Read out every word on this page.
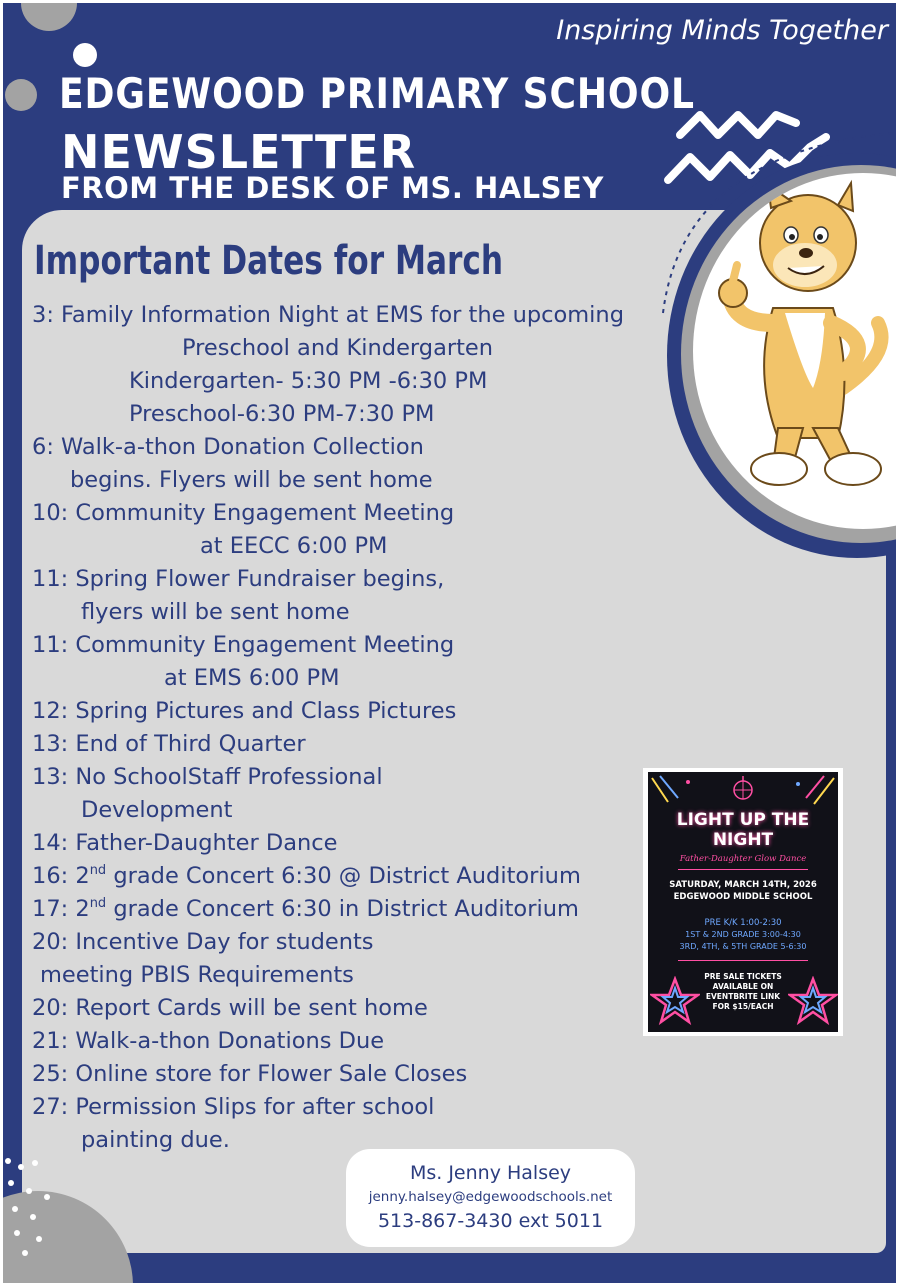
Inspiring Minds Together
EDGEWOOD PRIMARY SCHOOL
NEWSLETTER
FROM THE DESK OF MS. HALSEY
Important Dates for March
3: Family Information Night at EMS for the upcoming
Preschool and Kindergarten
Kindergarten- 5:30 PM -6:30 PM
Preschool-6:30 PM-7:30 PM
6: Walk-a-thon Donation Collection
begins. Flyers will be sent home
10: Community Engagement Meeting
at EECC 6:00 PM
11: Spring Flower Fundraiser begins,
flyers will be sent home
11: Community Engagement Meeting
at EMS 6:00 PM
12: Spring Pictures and Class Pictures
13: End of Third Quarter
13: No SchoolStaff Professional
Development
14: Father-Daughter Dance
16: 2nd grade Concert 6:30 @ District Auditorium
17: 2nd grade Concert 6:30 in District Auditorium
20: Incentive Day for students
meeting PBIS Requirements
20: Report Cards will be sent home
21: Walk-a-thon Donations Due
25: Online store for Flower Sale Closes
27: Permission Slips for after school
painting due.
LIGHT UP THE
NIGHT
Father-Daughter Glow Dance
SATURDAY, MARCH 14TH, 2026
EDGEWOOD MIDDLE SCHOOL
PRE K/K 1:00-2:30
1ST & 2ND GRADE 3:00-4:30
3RD, 4TH, & 5TH GRADE 5-6:30
PRE SALE TICKETS
AVAILABLE ON
EVENTBRITE LINK
FOR $15/EACH
Ms. Jenny Halsey
jenny.halsey@edgewoodschools.net
513-867-3430 ext 5011
